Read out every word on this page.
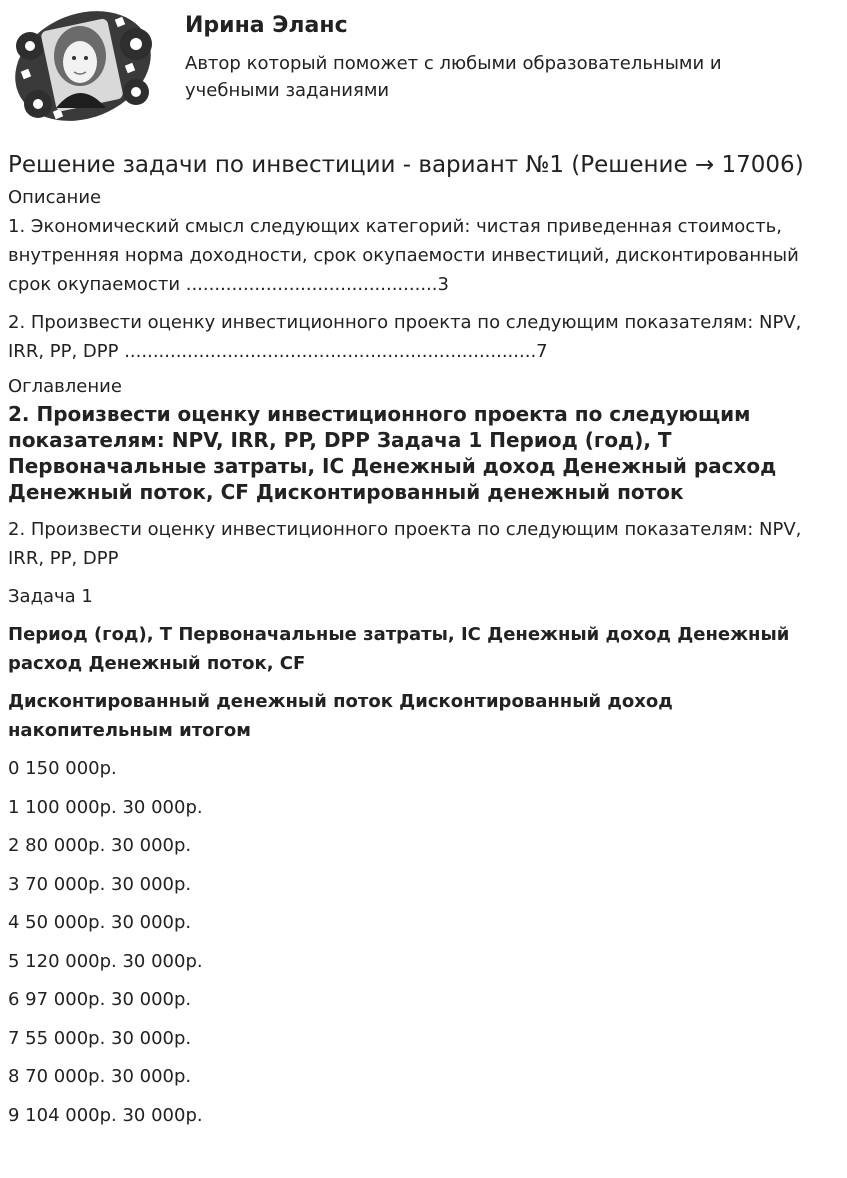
Ирина Эланс

Автор который поможет с любыми образовательными и учебными заданиями

Решение задачи по инвестиции - вариант №1 (Решение → 17006)

Описание

1. Экономический смысл следующих категорий: чистая приведенная стоимость, внутренняя норма доходности, срок окупаемости инвестиций, дисконтированный срок окупаемости ............................................3

2. Произвести оценку инвестиционного проекта по следующим показателям: NPV, IRR, PP, DPP ........................................................................7

Оглавление

2. Произвести оценку инвестиционного проекта по следующим показателям: NPV, IRR, PP, DPP Задача 1 Период (год), T Первоначальные затраты, IC Денежный доход Денежный расход Денежный поток, CF Дисконтированный денежный поток

2. Произвести оценку инвестиционного проекта по следующим показателям: NPV, IRR, PP, DPP

Задача 1

Период (год), T Первоначальные затраты, IC Денежный доход Денежный расход Денежный поток, CF

Дисконтированный денежный поток Дисконтированный доход накопительным итогом

0 150 000р.

1 100 000р. 30 000р.

2 80 000р. 30 000р.

3 70 000р. 30 000р.

4 50 000р. 30 000р.

5 120 000р. 30 000р.

6 97 000р. 30 000р.

7 55 000р. 30 000р.

8 70 000р. 30 000р.

9 104 000р. 30 000р.
